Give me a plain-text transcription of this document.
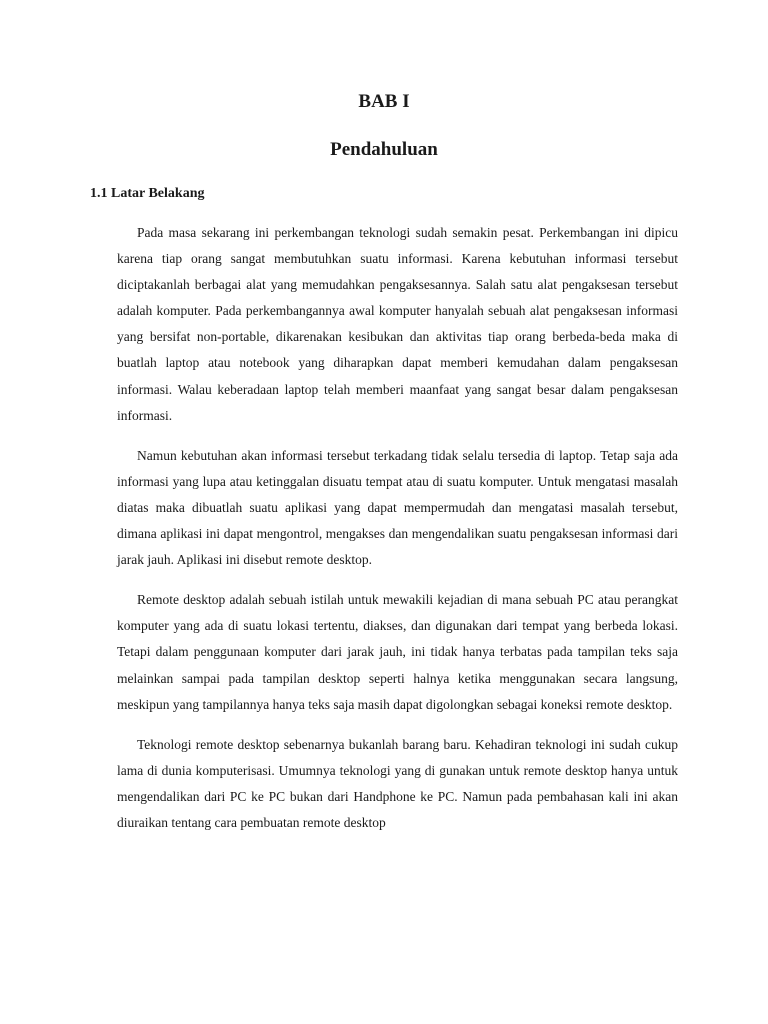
BAB I
Pendahuluan
1.1 Latar Belakang

Pada masa sekarang ini perkembangan teknologi sudah semakin pesat. Perkembangan ini dipicu karena tiap orang sangat membutuhkan suatu informasi. Karena kebutuhan informasi tersebut diciptakanlah berbagai alat yang memudahkan pengaksesannya. Salah satu alat pengaksesan tersebut adalah komputer. Pada perkembangannya awal komputer hanyalah sebuah alat pengaksesan informasi yang bersifat non-portable, dikarenakan kesibukan dan aktivitas tiap orang berbeda-beda maka di buatlah laptop atau notebook yang diharapkan dapat memberi kemudahan dalam pengaksesan informasi. Walau keberadaan laptop telah memberi maanfaat yang sangat besar dalam pengaksesan informasi.

Namun kebutuhan akan informasi tersebut terkadang tidak selalu tersedia di laptop. Tetap saja ada informasi yang lupa atau ketinggalan disuatu tempat atau di suatu komputer. Untuk mengatasi masalah diatas maka dibuatlah suatu aplikasi yang dapat mempermudah dan mengatasi masalah tersebut, dimana aplikasi ini dapat mengontrol, mengakses dan mengendalikan suatu pengaksesan informasi dari jarak jauh. Aplikasi ini disebut remote desktop.

Remote desktop adalah sebuah istilah untuk mewakili kejadian di mana sebuah PC atau perangkat komputer yang ada di suatu lokasi tertentu, diakses, dan digunakan dari tempat yang berbeda lokasi. Tetapi dalam penggunaan komputer dari jarak jauh, ini tidak hanya terbatas pada tampilan teks saja melainkan sampai pada tampilan desktop seperti halnya ketika menggunakan secara langsung, meskipun yang tampilannya hanya teks saja masih dapat digolongkan sebagai koneksi remote desktop.

Teknologi remote desktop sebenarnya bukanlah barang baru. Kehadiran teknologi ini sudah cukup lama di dunia komputerisasi. Umumnya teknologi yang di gunakan untuk remote desktop hanya untuk mengendalikan dari PC ke PC bukan dari Handphone ke PC. Namun pada pembahasan kali ini akan diuraikan tentang cara pembuatan remote desktop
